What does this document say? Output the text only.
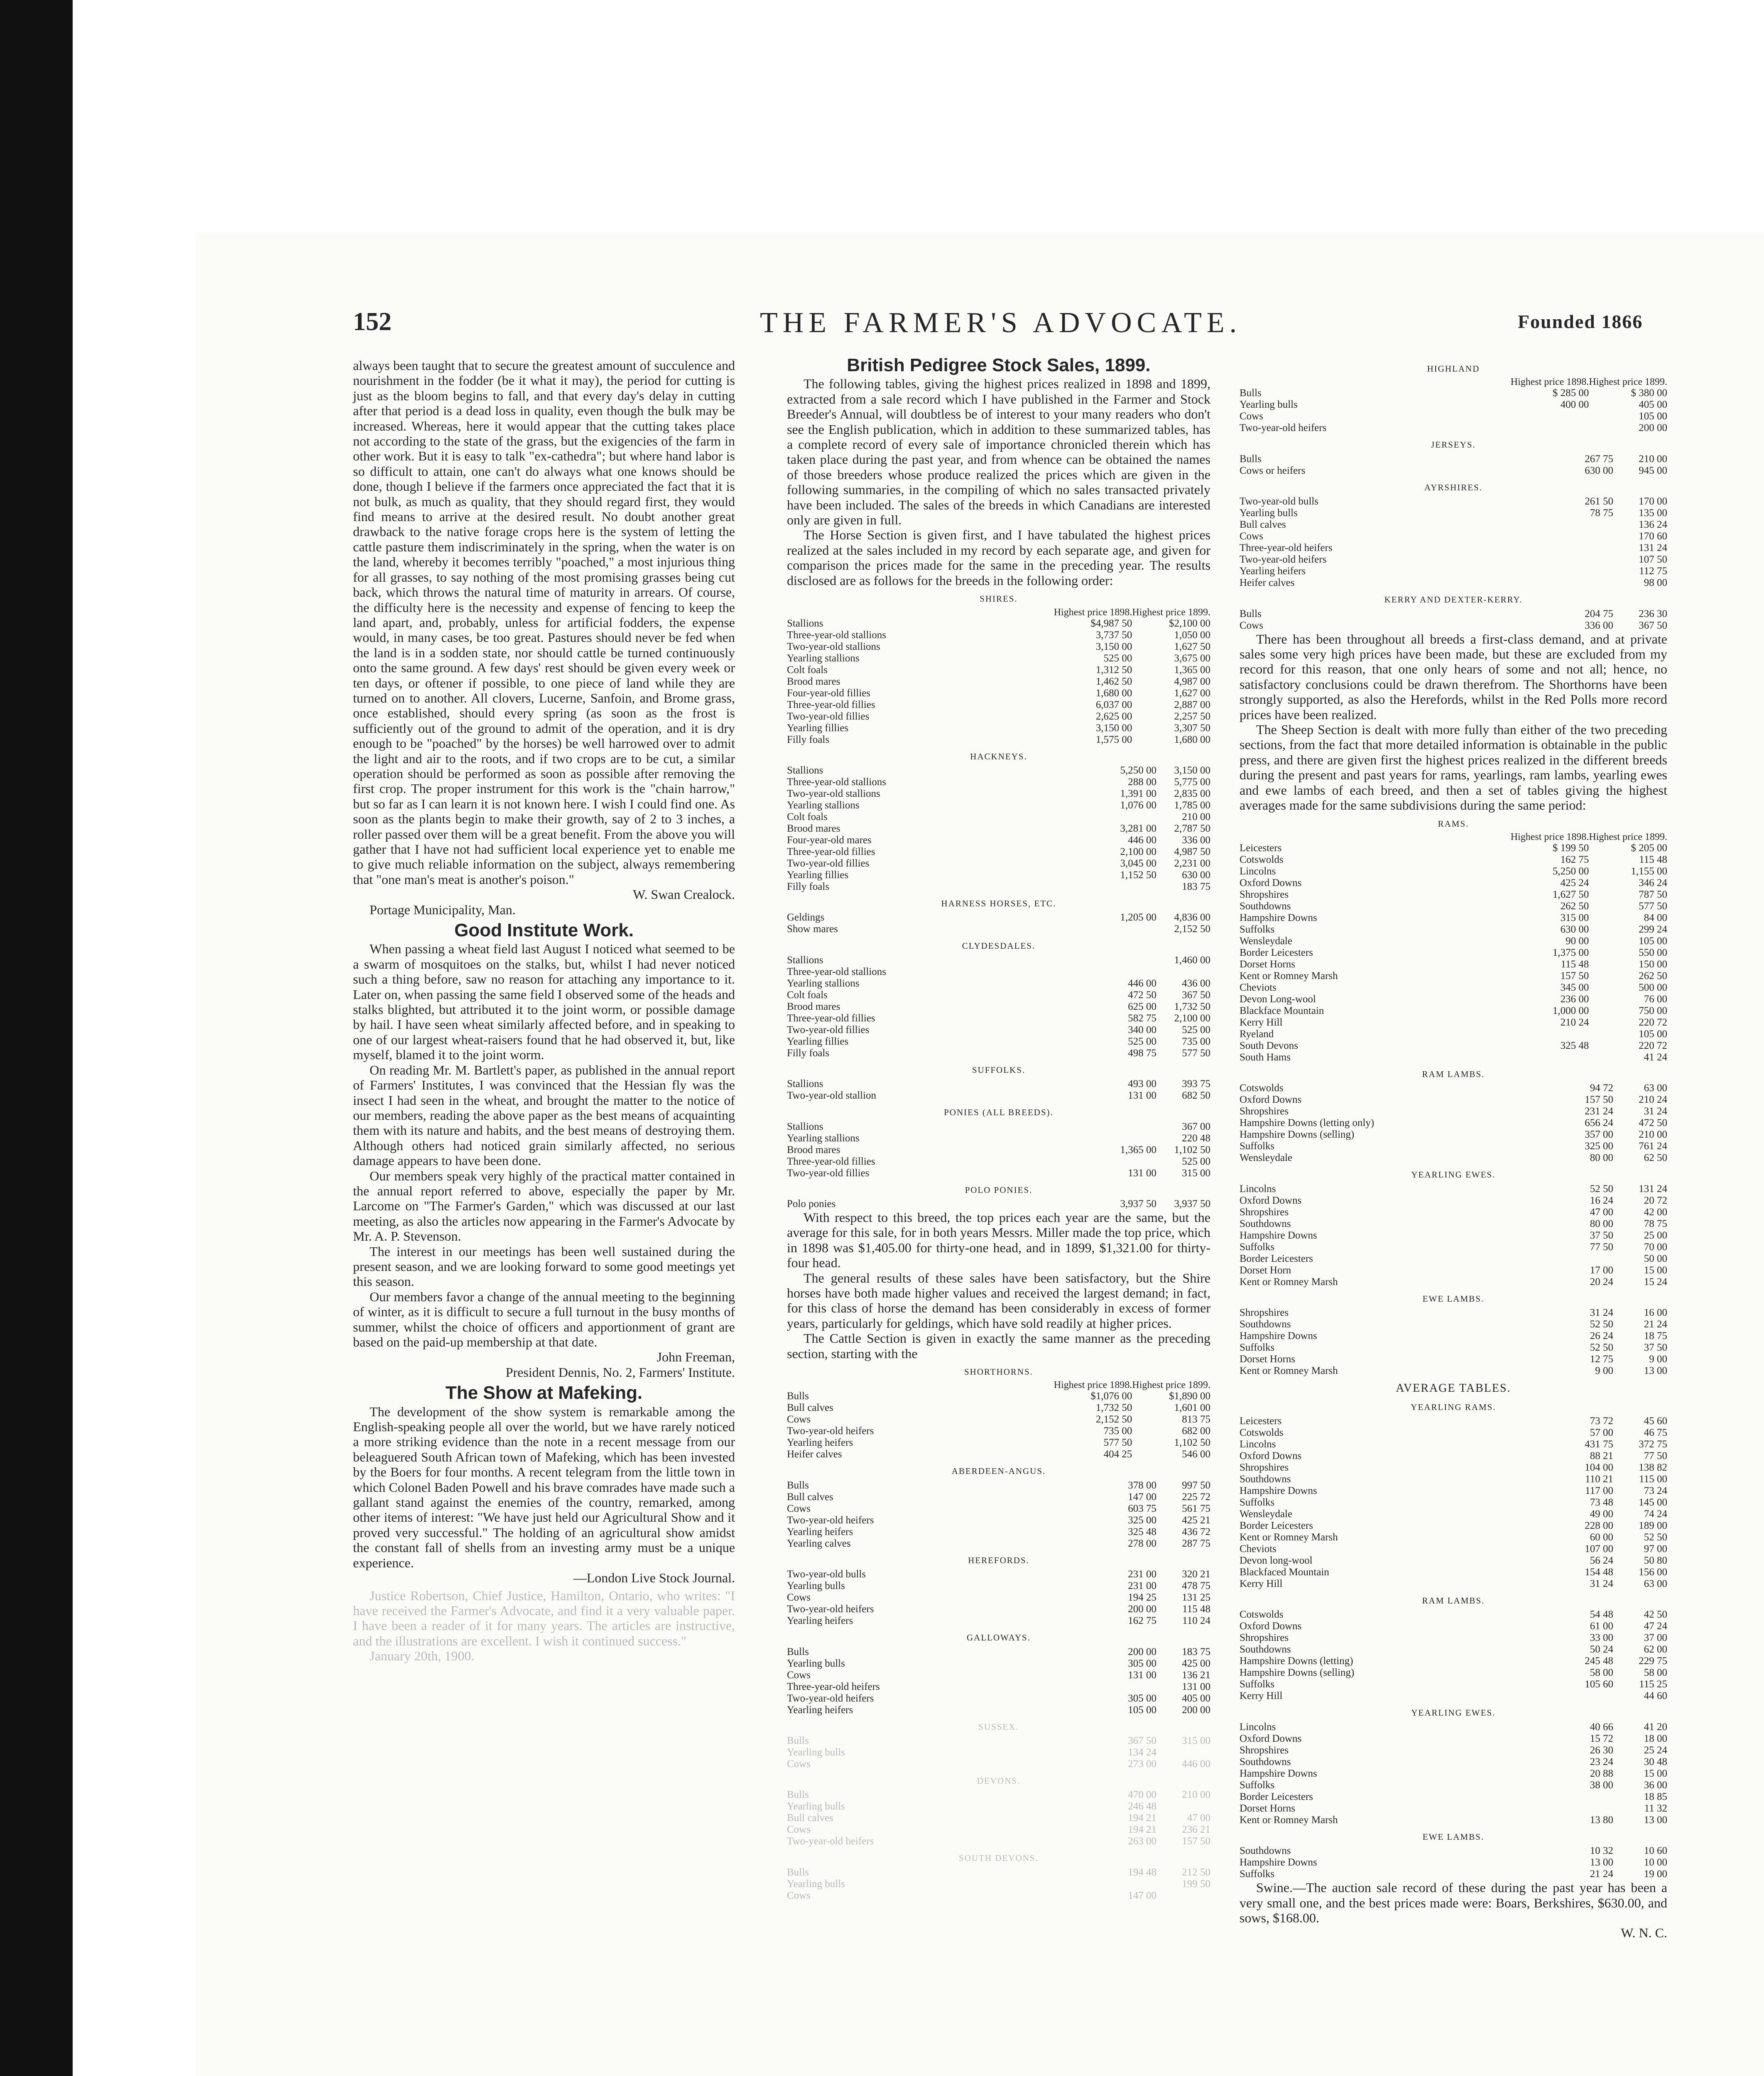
152	THE FARMER'S ADVOCATE.	Founded 1866

always been taught that to secure the greatest amount of succulence and nourishment in the fodder (be it what it may), the period for cutting is just as the bloom begins to fall, and that every day's delay in cutting after that period is a dead loss in quality, even though the bulk may be increased. Whereas, here it would appear that the cutting takes place not according to the state of the grass, but the exigencies of the farm in other work. But it is easy to talk "ex-cathedra"; but where hand labor is so difficult to attain, one can't do always what one knows should be done, though I believe if the farmers once appreciated the fact that it is not bulk, as much as quality, that they should regard first, they would find means to arrive at the desired result. No doubt another great drawback to the native forage crops here is the system of letting the cattle pasture them indiscriminately in the spring, when the water is on the land, whereby it becomes terribly "poached," a most injurious thing for all grasses, to say nothing of the most promising grasses being cut back, which throws the natural time of maturity in arrears. Of course, the difficulty here is the necessity and expense of fencing to keep the land apart, and, probably, unless for artificial fodders, the expense would, in many cases, be too great. Pastures should never be fed when the land is in a sodden state, nor should cattle be turned continuously onto the same ground. A few days' rest should be given every week or ten days, or oftener if possible, to one piece of land while they are turned on to another. All clovers, Lucerne, Sanfoin, and Brome grass, once established, should every spring (as soon as the frost is sufficiently out of the ground to admit of the operation, and it is dry enough to be "poached" by the horses) be well harrowed over to admit the light and air to the roots, and if two crops are to be cut, a similar operation should be performed as soon as possible after removing the first crop. The proper instrument for this work is the "chain harrow," but so far as I can learn it is not known here. I wish I could find one. As soon as the plants begin to make their growth, say of 2 to 3 inches, a roller passed over them will be a great benefit. From the above you will gather that I have not had sufficient local experience yet to enable me to give much reliable information on the subject, always remembering that "one man's meat is another's poison."

W. Swan Crealock.

Portage Municipality, Man.

Good Institute Work.

When passing a wheat field last August I noticed what seemed to be a swarm of mosquitoes on the stalks, but, whilst I had never noticed such a thing before, saw no reason for attaching any importance to it. Later on, when passing the same field I observed some of the heads and stalks blighted, but attributed it to the joint worm, or possible damage by hail. I have seen wheat similarly affected before, and in speaking to one of our largest wheat-raisers found that he had observed it, but, like myself, blamed it to the joint worm.

On reading Mr. M. Bartlett's paper, as published in the annual report of Farmers' Institutes, I was convinced that the Hessian fly was the insect I had seen in the wheat, and brought the matter to the notice of our members, reading the above paper as the best means of acquainting them with its nature and habits, and the best means of destroying them. Although others had noticed grain similarly affected, no serious damage appears to have been done.

Our members speak very highly of the practical matter contained in the annual report referred to above, especially the paper by Mr. Larcome on "The Farmer's Garden," which was discussed at our last meeting, as also the articles now appearing in the Farmer's Advocate by Mr. A. P. Stevenson.

The interest in our meetings has been well sustained during the present season, and we are looking forward to some good meetings yet this season.

Our members favor a change of the annual meeting to the beginning of winter, as it is difficult to secure a full turnout in the busy months of summer, whilst the choice of officers and apportionment of grant are based on the paid-up membership at that date.

John Freeman,

President Dennis, No. 2, Farmers' Institute.

The Show at Mafeking.

The development of the show system is remarkable among the English-speaking people all over the world, but we have rarely noticed a more striking evidence than the note in a recent message from our beleaguered South African town of Mafeking, which has been invested by the Boers for four months. A recent telegram from the little town in which Colonel Baden Powell and his brave comrades have made such a gallant stand against the enemies of the country, remarked, among other items of interest: "We have just held our Agricultural Show and it proved very successful." The holding of an agricultural show amidst the constant fall of shells from an investing army must be a unique experience.

—London Live Stock Journal.

Justice Robertson, Chief Justice, Hamilton, Ontario, who writes: "I have received the Farmer's Advocate, and find it a very valuable paper. I have been a reader of it for many years. The articles are instructive, and the illustrations are excellent. I wish it continued success."

January 20th, 1900.

British Pedigree Stock Sales, 1899.

The following tables, giving the highest prices realized in 1898 and 1899, extracted from a sale record which I have published in the Farmer and Stock Breeder's Annual, will doubtless be of interest to your many readers who don't see the English publication, which in addition to these summarized tables, has a complete record of every sale of importance chronicled therein which has taken place during the past year, and from whence can be obtained the names of those breeders whose produce realized the prices which are given in the following summaries, in the compiling of which no sales transacted privately have been included. The sales of the breeds in which Canadians are interested only are given in full.

The Horse Section is given first, and I have tabulated the highest prices realized at the sales included in my record by each separate age, and given for comparison the prices made for the same in the preceding year. The results disclosed are as follows for the breeds in the following order:

SHIRES.
	Highest price 1898.	Highest price 1899.
Stallions	$4,987 50	$2,100 00
Three-year-old stallions	3,737 50	1,050 00
Two-year-old stallions	3,150 00	1,627 50
Yearling stallions	525 00	3,675 00
Colt foals	1,312 50	1,365 00
Brood mares	1,462 50	4,987 00
Four-year-old fillies	1,680 00	1,627 00
Three-year-old fillies	6,037 00	2,887 00
Two-year-old fillies	2,625 00	2,257 50
Yearling fillies	3,150 00	3,307 50
Filly foals	1,575 00	1,680 00
HACKNEYS.
Stallions	5,250 00	3,150 00
Three-year-old stallions	288 00	5,775 00
Two-year-old stallions	1,391 00	2,835 00
Yearling stallions	1,076 00	1,785 00
Colt foals		210 00
Brood mares	3,281 00	2,787 50
Four-year-old mares	446 00	336 00
Three-year-old fillies	2,100 00	4,987 50
Two-year-old fillies	3,045 00	2,231 00
Yearling fillies	1,152 50	630 00
Filly foals		183 75
HARNESS HORSES, ETC.
Geldings	1,205 00	4,836 00
Show mares		2,152 50
CLYDESDALES.
Stallions		1,460 00
Three-year-old stallions		
Yearling stallions	446 00	436 00
Colt foals	472 50	367 50
Brood mares	625 00	1,732 50
Three-year-old fillies	582 75	2,100 00
Two-year-old fillies	340 00	525 00
Yearling fillies	525 00	735 00
Filly foals	498 75	577 50
SUFFOLKS.
Stallions	493 00	393 75
Two-year-old stallion	131 00	682 50
PONIES (ALL BREEDS).
Stallions		367 00
Yearling stallions		220 48
Brood mares	1,365 00	1,102 50
Three-year-old fillies		525 00
Two-year-old fillies	131 00	315 00
POLO PONIES.
Polo ponies	3,937 50	3,937 50

With respect to this breed, the top prices each year are the same, but the average for this sale, for in both years Messrs. Miller made the top price, which in 1898 was $1,405.00 for thirty-one head, and in 1899, $1,321.00 for thirty-four head.

The general results of these sales have been satisfactory, but the Shire horses have both made higher values and received the largest demand; in fact, for this class of horse the demand has been considerably in excess of former years, particularly for geldings, which have sold readily at higher prices.

The Cattle Section is given in exactly the same manner as the preceding section, starting with the

SHORTHORNS.
	Highest price 1898.	Highest price 1899.
Bulls	$1,076 00	$1,890 00
Bull calves	1,732 50	1,601 00
Cows	2,152 50	813 75
Two-year-old heifers	735 00	682 00
Yearling heifers	577 50	1,102 50
Heifer calves	404 25	546 00
ABERDEEN-ANGUS.
Bulls	378 00	997 50
Bull calves	147 00	225 72
Cows	603 75	561 75
Two-year-old heifers	325 00	425 21
Yearling heifers	325 48	436 72
Yearling calves	278 00	287 75
HEREFORDS.
Two-year-old bulls	231 00	320 21
Yearling bulls	231 00	478 75
Cows	194 25	131 25
Two-year-old heifers	200 00	115 48
Yearling heifers	162 75	110 24
GALLOWAYS.
Bulls	200 00	183 75
Yearling bulls	305 00	425 00
Cows	131 00	136 21
Three-year-old heifers		131 00
Two-year-old heifers	305 00	405 00
Yearling heifers	105 00	200 00
SUSSEX.
Bulls	367 50	315 00
Yearling bulls	134 24	
Cows	273 00	446 00
DEVONS.
Bulls	470 00	210 00
Yearling bulls	246 48	
Bull calves	194 21	47 00
Cows	194 21	236 21
Two-year-old heifers	263 00	157 50
SOUTH DEVONS.
Bulls	194 48	212 50
Yearling bulls		199 50
Cows	147 00	
HIGHLAND
	Highest price 1898.	Highest price 1899.
Bulls	$ 285 00	$ 380 00
Yearling bulls	400 00	405 00
Cows		105 00
Two-year-old heifers		200 00
JERSEYS.
Bulls	267 75	210 00
Cows or heifers	630 00	945 00
AYRSHIRES.
Two-year-old bulls	261 50	170 00
Yearling bulls	78 75	135 00
Bull calves		136 24
Cows		170 60
Three-year-old heifers		131 24
Two-year-old heifers		107 50
Yearling heifers		112 75
Heifer calves		98 00
KERRY AND DEXTER-KERRY.
Bulls	204 75	236 30
Cows	336 00	367 50

There has been throughout all breeds a first-class demand, and at private sales some very high prices have been made, but these are excluded from my record for this reason, that one only hears of some and not all; hence, no satisfactory conclusions could be drawn therefrom. The Shorthorns have been strongly supported, as also the Herefords, whilst in the Red Polls more record prices have been realized.

The Sheep Section is dealt with more fully than either of the two preceding sections, from the fact that more detailed information is obtainable in the public press, and there are given first the highest prices realized in the different breeds during the present and past years for rams, yearlings, ram lambs, yearling ewes and ewe lambs of each breed, and then a set of tables giving the highest averages made for the same subdivisions during the same period:

RAMS.
	Highest price 1898.	Highest price 1899.
Leicesters	$ 199 50	$ 205 00
Cotswolds	162 75	115 48
Lincolns	5,250 00	1,155 00
Oxford Downs	425 24	346 24
Shropshires	1,627 50	787 50
Southdowns	262 50	577 50
Hampshire Downs	315 00	84 00
Suffolks	630 00	299 24
Wensleydale	90 00	105 00
Border Leicesters	1,375 00	550 00
Dorset Horns	115 48	150 00
Kent or Romney Marsh	157 50	262 50
Cheviots	345 00	500 00
Devon Long-wool	236 00	76 00
Blackface Mountain	1,000 00	750 00
Kerry Hill	210 24	220 72
Ryeland		105 00
South Devons	325 48	220 72
South Hams		41 24
RAM LAMBS.
Cotswolds	94 72	63 00
Oxford Downs	157 50	210 24
Shropshires	231 24	31 24
Hampshire Downs (letting only)	656 24	472 50
Hampshire Downs (selling)	357 00	210 00
Suffolks	325 00	761 24
Wensleydale	80 00	62 50
YEARLING EWES.
Lincolns	52 50	131 24
Oxford Downs	16 24	20 72
Shropshires	47 00	42 00
Southdowns	80 00	78 75
Hampshire Downs	37 50	25 00
Suffolks	77 50	70 00
Border Leicesters		50 00
Dorset Horn	17 00	15 00
Kent or Romney Marsh	20 24	15 24
EWE LAMBS.
Shropshires	31 24	16 00
Southdowns	52 50	21 24
Hampshire Downs	26 24	18 75
Suffolks	52 50	37 50
Dorset Horns	12 75	9 00
Kent or Romney Marsh	9 00	13 00
AVERAGE TABLES.
YEARLING RAMS.
Leicesters	73 72	45 60
Cotswolds	57 00	46 75
Lincolns	431 75	372 75
Oxford Downs	88 21	77 50
Shropshires	104 00	138 82
Southdowns	110 21	115 00
Hampshire Downs	117 00	73 24
Suffolks	73 48	145 00
Wensleydale	49 00	74 24
Border Leicesters	228 00	189 00
Kent or Romney Marsh	60 00	52 50
Cheviots	107 00	97 00
Devon long-wool	56 24	50 80
Blackfaced Mountain	154 48	156 00
Kerry Hill	31 24	63 00
RAM LAMBS.
Cotswolds	54 48	42 50
Oxford Downs	61 00	47 24
Shropshires	33 00	37 00
Southdowns	50 24	62 00
Hampshire Downs (letting)	245 48	229 75
Hampshire Downs (selling)	58 00	58 00
Suffolks	105 60	115 25
Kerry Hill		44 60
YEARLING EWES.
Lincolns	40 66	41 20
Oxford Downs	15 72	18 00
Shropshires	26 30	25 24
Southdowns	23 24	30 48
Hampshire Downs	20 88	15 00
Suffolks	38 00	36 00
Border Leicesters		18 85
Dorset Horns		11 32
Kent or Romney Marsh	13 80	13 00
EWE LAMBS.
Southdowns	10 32	10 60
Hampshire Downs	13 00	10 00
Suffolks	21 24	19 00

Swine.—The auction sale record of these during the past year has been a very small one, and the best prices made were: Boars, Berkshires, $630.00, and sows, $168.00.

W. N. C.
